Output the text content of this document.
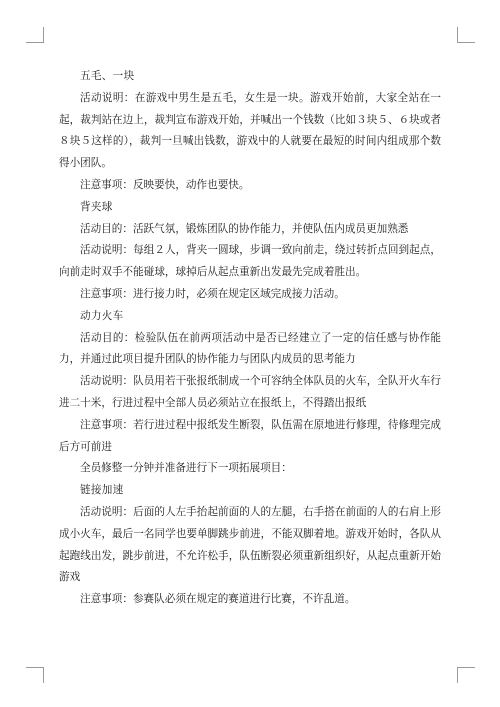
五毛、一块

活动说明：在游戏中男生是五毛，女生是一块。游戏开始前，大家全站在一起，裁判站在边上，裁判宣布游戏开始，并喊出一个钱数（比如３块５、６块或者８块５这样的），裁判一旦喊出钱数，游戏中的人就要在最短的时间内组成那个数得小团队。

注意事项：反映要快，动作也要快。

背夹球

活动目的：活跃气氛，锻炼团队的协作能力，并使队伍内成员更加熟悉

活动说明：每组２人，背夹一圆球，步调一致向前走，绕过转折点回到起点，向前走时双手不能碰球，球掉后从起点重新出发最先完成着胜出。

注意事项：进行接力时，必须在规定区域完成接力活动。

动力火车

活动目的：检验队伍在前两项活动中是否已经建立了一定的信任感与协作能力，并通过此项目提升团队的协作能力与团队内成员的思考能力

活动说明：队员用若干张报纸制成一个可容纳全体队员的火车，全队开火车行进二十米，行进过程中全部人员必须站立在报纸上，不得踏出报纸

注意事项：若行进过程中报纸发生断裂，队伍需在原地进行修理，待修理完成后方可前进

全员修整一分钟并准备进行下一项拓展项目：

链接加速

活动说明：后面的人左手抬起前面的人的左腿，右手搭在前面的人的右肩上形成小火车，最后一名同学也要单脚跳步前进，不能双脚着地。游戏开始时，各队从起跑线出发，跳步前进，不允许松手，队伍断裂必须重新组织好，从起点重新开始游戏

注意事项：参赛队必须在规定的赛道进行比赛，不许乱道。
